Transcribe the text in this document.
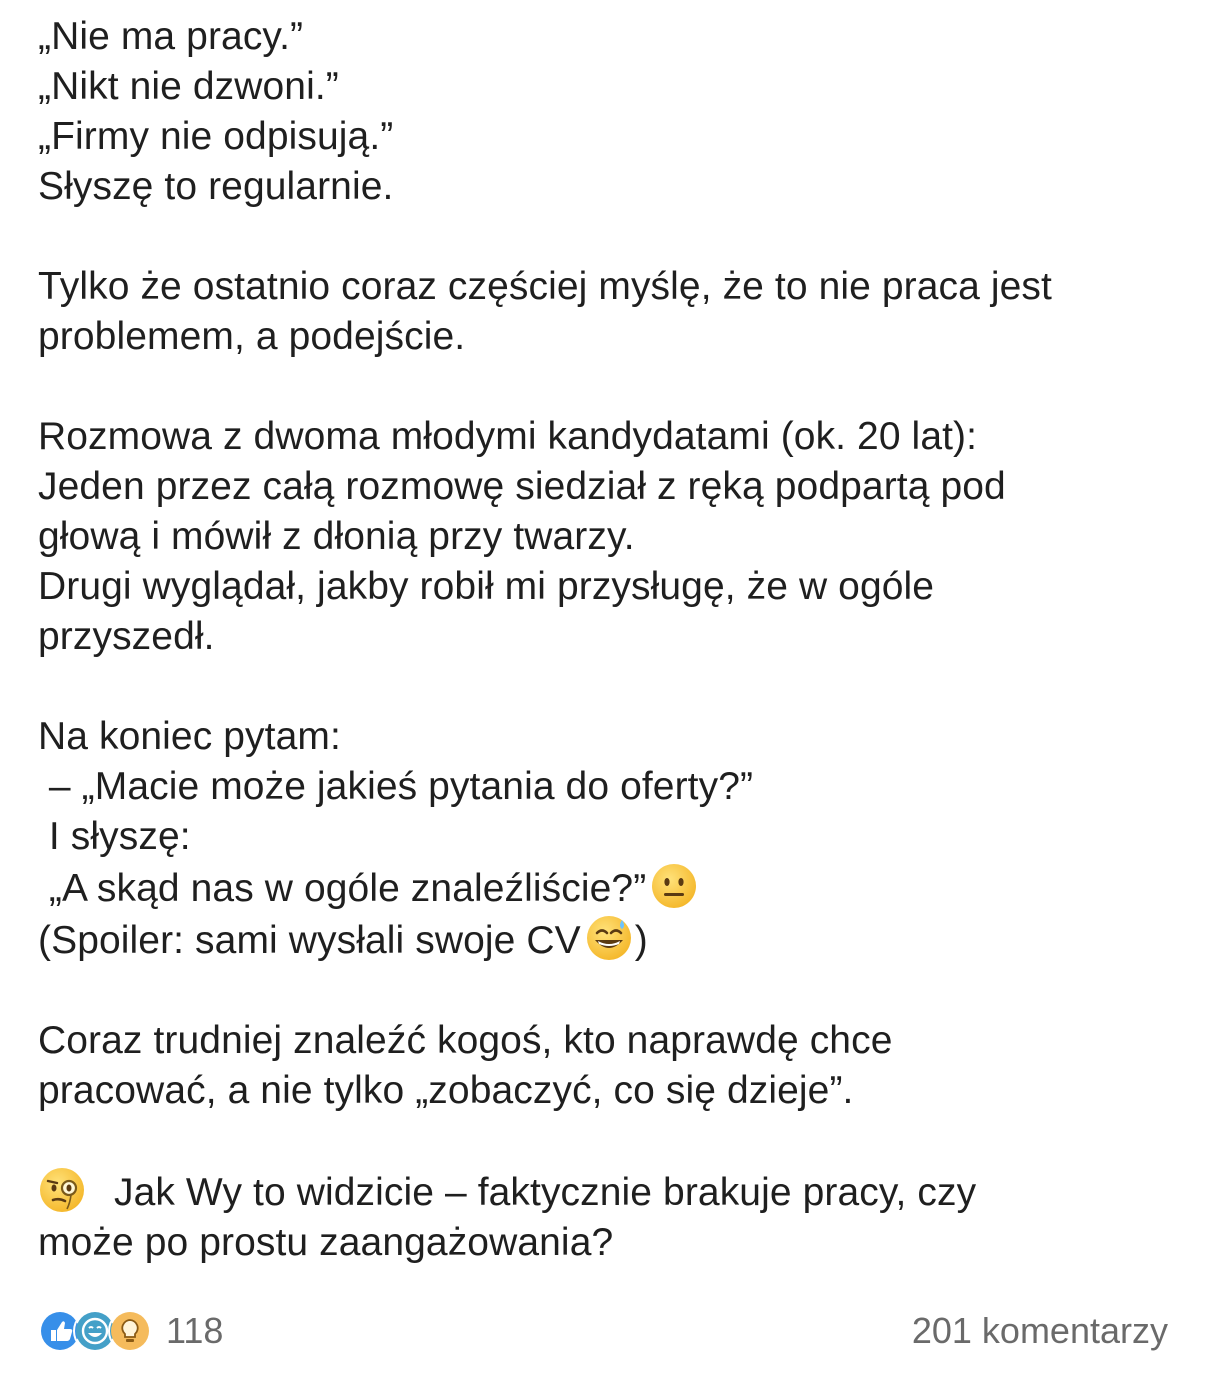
„Nie ma pracy.”
„Nikt nie dzwoni.”
„Firmy nie odpisują.”
Słyszę to regularnie.
Tylko że ostatnio coraz częściej myślę, że to nie praca jest
problemem, a podejście.
Rozmowa z dwoma młodymi kandydatami (ok. 20 lat):
Jeden przez całą rozmowę siedział z ręką podpartą pod
głową i mówił z dłonią przy twarzy.
Drugi wyglądał, jakby robił mi przysługę, że w ogóle
przyszedł.
Na koniec pytam:
– „Macie może jakieś pytania do oferty?”
I słyszę:
„A skąd nas w ogóle znaleźliście?”
(Spoiler: sami wysłali swoje CV )
Coraz trudniej znaleźć kogoś, kto naprawdę chce
pracować, a nie tylko „zobaczyć, co się dzieje”.
Jak Wy to widzicie – faktycznie brakuje pracy, czy
może po prostu zaangażowania?
118	201 komentarzy
